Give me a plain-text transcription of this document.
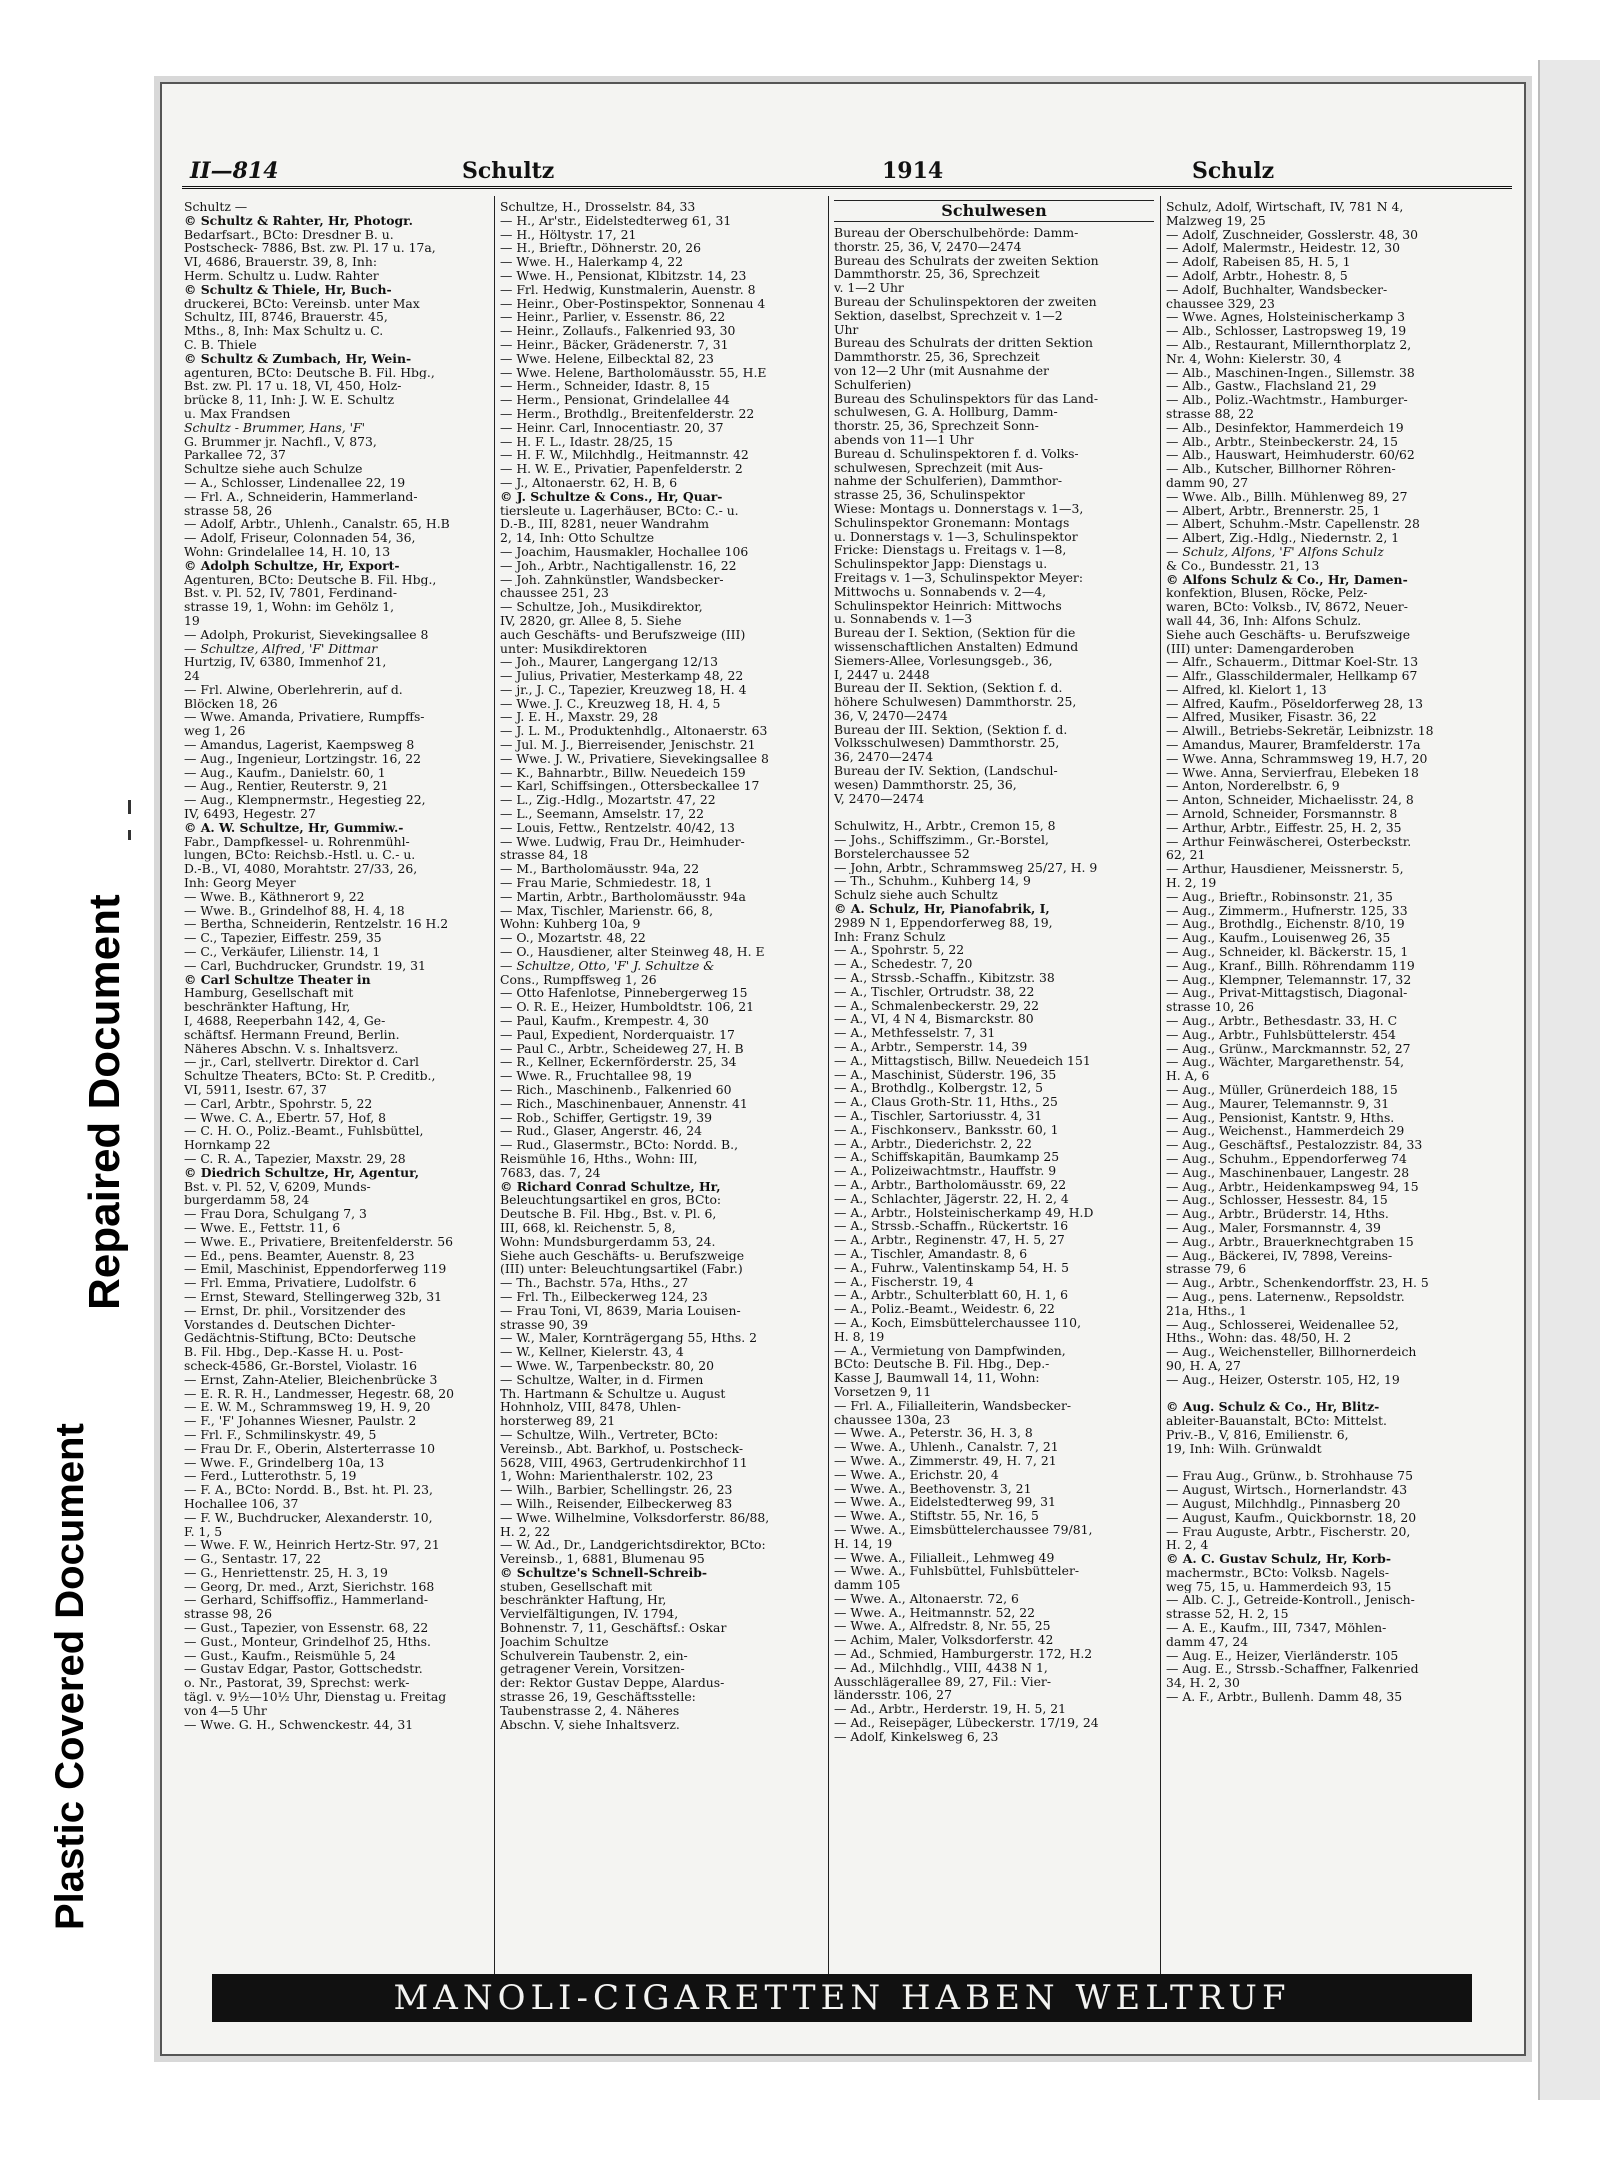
Plastic Covered Document
Repaired Document
II—814	Schultz	1914	Schulz
Schultz —
© Schultz & Rahter, Hr, Photogr.
Bedarfsart., BCto: Dresdner B. u.
Postscheck- 7886, Bst. zw. Pl. 17 u. 17a,
VI, 4686, Brauerstr. 39, 8, Inh:
Herm. Schultz u. Ludw. Rahter
© Schultz & Thiele, Hr, Buch-
druckerei, BCto: Vereinsb. unter Max
Schultz, III, 8746, Brauerstr. 45,
Mths., 8, Inh: Max Schultz u. C.
C. B. Thiele
© Schultz & Zumbach, Hr, Wein-
agenturen, BCto: Deutsche B. Fil. Hbg.,
Bst. zw. Pl. 17 u. 18, VI, 450, Holz-
brücke 8, 11, Inh: J. W. E. Schultz
u. Max Frandsen
Schultz - Brummer, Hans, 'F'
G. Brummer jr. Nachfl., V, 873,
Parkallee 72, 37
Schultze siehe auch Schulze
— A., Schlosser, Lindenallee 22, 19
— Frl. A., Schneiderin, Hammerland-
strasse 58, 26
— Adolf, Arbtr., Uhlenh., Canalstr. 65, H.B
— Adolf, Friseur, Colonnaden 54, 36,
Wohn: Grindelallee 14, H. 10, 13
© Adolph Schultze, Hr, Export-
Agenturen, BCto: Deutsche B. Fil. Hbg.,
Bst. v. Pl. 52, IV, 7801, Ferdinand-
strasse 19, 1, Wohn: im Gehölz 1,
19
— Adolph, Prokurist, Sievekingsallee 8
— Schultze, Alfred, 'F' Dittmar
Hurtzig, IV, 6380, Immenhof 21,
24
— Frl. Alwine, Oberlehrerin, auf d.
Blöcken 18, 26
— Wwe. Amanda, Privatiere, Rumpffs-
weg 1, 26
— Amandus, Lagerist, Kaempsweg 8
— Aug., Ingenieur, Lortzingstr. 16, 22
— Aug., Kaufm., Danielstr. 60, 1
— Aug., Rentier, Reuterstr. 9, 21
— Aug., Klempnermstr., Hegestieg 22,
IV, 6493, Hegestr. 27
© A. W. Schultze, Hr, Gummiw.-
Fabr., Dampfkessel- u. Rohrenmühl-
lungen, BCto: Reichsb.-Hstl. u. C.- u.
D.-B., VI, 4080, Morahtstr. 27/33, 26,
Inh: Georg Meyer
— Wwe. B., Käthnerort 9, 22
— Wwe. B., Grindelhof 88, H. 4, 18
— Bertha, Schneiderin, Rentzelstr. 16 H.2
— C., Tapezier, Eiffestr. 259, 35
— C., Verkäufer, Lilienstr. 14, 1
— Carl, Buchdrucker, Grundstr. 19, 31
© Carl Schultze Theater in
Hamburg, Gesellschaft mit
beschränkter Haftung, Hr,
I, 4688, Reeperbahn 142, 4, Ge-
schäftsf. Hermann Freund, Berlin.
Näheres Abschn. V. s. Inhaltsverz.
— jr., Carl, stellvertr. Direktor d. Carl
Schultze Theaters, BCto: St. P. Creditb.,
VI, 5911, Isestr. 67, 37
— Carl, Arbtr., Spohrstr. 5, 22
— Wwe. C. A., Ebertr. 57, Hof, 8
— C. H. O., Poliz.-Beamt., Fuhlsbüttel,
Hornkamp 22
— C. R. A., Tapezier, Maxstr. 29, 28
© Diedrich Schultze, Hr, Agentur,
Bst. v. Pl. 52, V, 6209, Munds-
burgerdamm 58, 24
— Frau Dora, Schulgang 7, 3
— Wwe. E., Fettstr. 11, 6
— Wwe. E., Privatiere, Breitenfelderstr. 56
— Ed., pens. Beamter, Auenstr. 8, 23
— Emil, Maschinist, Eppendorferweg 119
— Frl. Emma, Privatiere, Ludolfstr. 6
— Ernst, Steward, Stellingerweg 32b, 31
— Ernst, Dr. phil., Vorsitzender des
Vorstandes d. Deutschen Dichter-
Gedächtnis-Stiftung, BCto: Deutsche
B. Fil. Hbg., Dep.-Kasse H. u. Post-
scheck-4586, Gr.-Borstel, Violastr. 16
— Ernst, Zahn-Atelier, Bleichenbrücke 3
— E. R. R. H., Landmesser, Hegestr. 68, 20
— E. W. M., Schrammsweg 19, H. 9, 20
— F., 'F' Johannes Wiesner, Paulstr. 2
— Frl. F., Schmilinskystr. 49, 5
— Frau Dr. F., Oberin, Alsterterrasse 10
— Wwe. F., Grindelberg 10a, 13
— Ferd., Lutterothstr. 5, 19
— F. A., BCto: Nordd. B., Bst. ht. Pl. 23,
Hochallee 106, 37
— F. W., Buchdrucker, Alexanderstr. 10,
F. 1, 5
— Wwe. F. W., Heinrich Hertz-Str. 97, 21
— G., Sentastr. 17, 22
— G., Henriettenstr. 25, H. 3, 19
— Georg, Dr. med., Arzt, Sierichstr. 168
— Gerhard, Schiffsoffiz., Hammerland-
strasse 98, 26
— Gust., Tapezier, von Essenstr. 68, 22
— Gust., Monteur, Grindelhof 25, Hths.
— Gust., Kaufm., Reismühle 5, 24
— Gustav Edgar, Pastor, Gottschedstr.
o. Nr., Pastorat, 39, Sprechst: werk-
tägl. v. 9½—10½ Uhr, Dienstag u. Freitag
von 4—5 Uhr
— Wwe. G. H., Schwenckestr. 44, 31
Schultze, H., Drosselstr. 84, 33
— H., Ar'str., Eidelstedterweg 61, 31
— H., Höltystr. 17, 21
— H., Brieftr., Döhnerstr. 20, 26
— Wwe. H., Halerkamp 4, 22
— Wwe. H., Pensionat, Klbitzstr. 14, 23
— Frl. Hedwig, Kunstmalerin, Auenstr. 8
— Heinr., Ober-Postinspektor, Sonnenau 4
— Heinr., Parlier, v. Essenstr. 86, 22
— Heinr., Zollaufs., Falkenried 93, 30
— Heinr., Bäcker, Grädenerstr. 7, 31
— Wwe. Helene, Eilbecktal 82, 23
— Wwe. Helene, Bartholomäusstr. 55, H.E
— Herm., Schneider, Idastr. 8, 15
— Herm., Pensionat, Grindelallee 44
— Herm., Brothdlg., Breitenfelderstr. 22
— Heinr. Carl, Innocentiastr. 20, 37
— H. F. L., Idastr. 28/25, 15
— H. F. W., Milchhdlg., Heitmannstr. 42
— H. W. E., Privatier, Papenfelderstr. 2
— J., Altonaerstr. 62, H. B, 6
© J. Schultze & Cons., Hr, Quar-
tiersleute u. Lagerhäuser, BCto: C.- u.
D.-B., III, 8281, neuer Wandrahm
2, 14, Inh: Otto Schultze
— Joachim, Hausmakler, Hochallee 106
— Joh., Arbtr., Nachtigallenstr. 16, 22
— Joh. Zahnkünstler, Wandsbecker-
chaussee 251, 23
— Schultze, Joh., Musikdirektor,
IV, 2820, gr. Allee 8, 5. Siehe
auch Geschäfts- und Berufszweige (III)
unter: Musikdirektoren
— Joh., Maurer, Langergang 12/13
— Julius, Privatier, Mesterkamp 48, 22
— jr., J. C., Tapezier, Kreuzweg 18, H. 4
— Wwe. J. C., Kreuzweg 18, H. 4, 5
— J. E. H., Maxstr. 29, 28
— J. L. M., Produktenhdlg., Altonaerstr. 63
— Jul. M. J., Bierreisender, Jenischstr. 21
— Wwe. J. W., Privatiere, Sievekingsallee 8
— K., Bahnarbtr., Billw. Neuedeich 159
— Karl, Schiffsingen., Ottersbeckallee 17
— L., Zig.-Hdlg., Mozartstr. 47, 22
— L., Seemann, Amselstr. 17, 22
— Louis, Fettw., Rentzelstr. 40/42, 13
— Wwe. Ludwig, Frau Dr., Heimhuder-
strasse 84, 18
— M., Bartholomäusstr. 94a, 22
— Frau Marie, Schmiedestr. 18, 1
— Martin, Arbtr., Bartholomäusstr. 94a
— Max, Tischler, Marienstr. 66, 8,
Wohn: Kuhberg 10a, 9
— O., Mozartstr. 48, 22
— O., Hausdiener, alter Steinweg 48, H. E
— Schultze, Otto, 'F' J. Schultze &
Cons., Rumpffsweg 1, 26
— Otto Hafenlotse, Pinnebergerweg 15
— O. R. E., Heizer, Humboldtstr. 106, 21
— Paul, Kaufm., Krempestr. 4, 30
— Paul, Expedient, Norderquaistr. 17
— Paul C., Arbtr., Scheideweg 27, H. B
— R., Kellner, Eckernförderstr. 25, 34
— Wwe. R., Fruchtallee 98, 19
— Rich., Maschinenb., Falkenried 60
— Rich., Maschinenbauer, Annenstr. 41
— Rob., Schiffer, Gertigstr. 19, 39
— Rud., Glaser, Angerstr. 46, 24
— Rud., Glasermstr., BCto: Nordd. B.,
Reismühle 16, Hths., Wohn: III,
7683, das. 7, 24
© Richard Conrad Schultze, Hr,
Beleuchtungsartikel en gros, BCto:
Deutsche B. Fil. Hbg., Bst. v. Pl. 6,
III, 668, kl. Reichenstr. 5, 8,
Wohn: Mundsburgerdamm 53, 24.
Siehe auch Geschäfts- u. Berufszweige
(III) unter: Beleuchtungsartikel (Fabr.)
— Th., Bachstr. 57a, Hths., 27
— Frl. Th., Eilbeckerweg 124, 23
— Frau Toni, VI, 8639, Maria Louisen-
strasse 90, 39
— W., Maler, Kornträgergang 55, Hths. 2
— W., Kellner, Kielerstr. 43, 4
— Wwe. W., Tarpenbeckstr. 80, 20
— Schultze, Walter, in d. Firmen
Th. Hartmann & Schultze u. August
Hohnholz, VIII, 8478, Uhlen-
horsterweg 89, 21
— Schultze, Wilh., Vertreter, BCto:
Vereinsb., Abt. Barkhof, u. Postscheck-
5628, VIII, 4963, Gertrudenkirchhof 11
1, Wohn: Marienthalerstr. 102, 23
— Wilh., Barbier, Schellingstr. 26, 23
— Wilh., Reisender, Eilbeckerweg 83
— Wwe. Wilhelmine, Volksdorferstr. 86/88,
H. 2, 22
— W. Ad., Dr., Landgerichtsdirektor, BCto:
Vereinsb., 1, 6881, Blumenau 95
© Schultze's Schnell-Schreib-
stuben, Gesellschaft mit
beschränkter Haftung, Hr,
Vervielfältigungen, IV. 1794,
Bohnenstr. 7, 11, Geschäftsf.: Oskar
Joachim Schultze
Schulverein Taubenstr. 2, ein-
getragener Verein, Vorsitzen-
der: Rektor Gustav Deppe, Alardus-
strasse 26, 19, Geschäftsstelle:
Taubenstrasse 2, 4. Näheres
Abschn. V, siehe Inhaltsverz.
Schulwesen
Bureau der Oberschulbehörde: Damm-
thorstr. 25, 36, V, 2470—2474
Bureau des Schulrats der zweiten Sektion
Dammthorstr. 25, 36, Sprechzeit
v. 1—2 Uhr
Bureau der Schulinspektoren der zweiten
Sektion, daselbst, Sprechzeit v. 1—2
Uhr
Bureau des Schulrats der dritten Sektion
Dammthorstr. 25, 36, Sprechzeit
von 12—2 Uhr (mit Ausnahme der
Schulferien)
Bureau des Schulinspektors für das Land-
schulwesen, G. A. Hollburg, Damm-
thorstr. 25, 36, Sprechzeit Sonn-
abends von 11—1 Uhr
Bureau d. Schulinspektoren f. d. Volks-
schulwesen, Sprechzeit (mit Aus-
nahme der Schulferien), Dammthor-
strasse 25, 36, Schulinspektor
Wiese: Montags u. Donnerstags v. 1—3,
Schulinspektor Gronemann: Montags
u. Donnerstags v. 1—3, Schulinspektor
Fricke: Dienstags u. Freitags v. 1—8,
Schulinspektor Japp: Dienstags u.
Freitags v. 1—3, Schulinspektor Meyer:
Mittwochs u. Sonnabends v. 2—4,
Schulinspektor Heinrich: Mittwochs
u. Sonnabends v. 1—3
Bureau der I. Sektion, (Sektion für die
wissenschaftlichen Anstalten) Edmund
Siemers-Allee, Vorlesungsgeb., 36,
I, 2447 u. 2448
Bureau der II. Sektion, (Sektion f. d.
höhere Schulwesen) Dammthorstr. 25,
36, V, 2470—2474
Bureau der III. Sektion, (Sektion f. d.
Volksschulwesen) Dammthorstr. 25,
36, 2470—2474
Bureau der IV. Sektion, (Landschul-
wesen) Dammthorstr. 25, 36,
V, 2470—2474

Schulwitz, H., Arbtr., Cremon 15, 8
— Johs., Schiffszimm., Gr.-Borstel,
Borstelerchaussee 52
— John, Arbtr., Schrammsweg 25/27, H. 9
— Th., Schuhm., Kuhberg 14, 9
Schulz siehe auch Schultz
© A. Schulz, Hr, Pianofabrik, I,
2989 N 1, Eppendorferweg 88, 19,
Inh: Franz Schulz
— A., Spohrstr. 5, 22
— A., Schedestr. 7, 20
— A., Strssb.-Schaffn., Kibitzstr. 38
— A., Tischler, Ortrudstr. 38, 22
— A., Schmalenbeckerstr. 29, 22
— A., VI, 4 N 4, Bismarckstr. 80
— A., Methfesselstr. 7, 31
— A., Arbtr., Semperstr. 14, 39
— A., Mittagstisch, Billw. Neuedeich 151
— A., Maschinist, Süderstr. 196, 35
— A., Brothdlg., Kolbergstr. 12, 5
— A., Claus Groth-Str. 11, Hths., 25
— A., Tischler, Sartoriusstr. 4, 31
— A., Fischkonserv., Banksstr. 60, 1
— A., Arbtr., Diederichstr. 2, 22
— A., Schiffskapitän, Baumkamp 25
— A., Polizeiwachtmstr., Hauffstr. 9
— A., Arbtr., Bartholomäusstr. 69, 22
— A., Schlachter, Jägerstr. 22, H. 2, 4
— A., Arbtr., Holsteinischerkamp 49, H.D
— A., Strssb.-Schaffn., Rückertstr. 16
— A., Arbtr., Reginenstr. 47, H. 5, 27
— A., Tischler, Amandastr. 8, 6
— A., Fuhrw., Valentinskamp 54, H. 5
— A., Fischerstr. 19, 4
— A., Arbtr., Schulterblatt 60, H. 1, 6
— A., Poliz.-Beamt., Weidestr. 6, 22
— A., Koch, Eimsbüttelerchaussee 110,
H. 8, 19
— A., Vermietung von Dampfwinden,
BCto: Deutsche B. Fil. Hbg., Dep.-
Kasse J, Baumwall 14, 11, Wohn:
Vorsetzen 9, 11
— Frl. A., Filialleiterin, Wandsbecker-
chaussee 130a, 23
— Wwe. A., Peterstr. 36, H. 3, 8
— Wwe. A., Uhlenh., Canalstr. 7, 21
— Wwe. A., Zimmerstr. 49, H. 7, 21
— Wwe. A., Erichstr. 20, 4
— Wwe. A., Beethovenstr. 3, 21
— Wwe. A., Eidelstedterweg 99, 31
— Wwe. A., Stiftstr. 55, Nr. 16, 5
— Wwe. A., Eimsbüttelerchaussee 79/81,
H. 14, 19
— Wwe. A., Filialleit., Lehmweg 49
— Wwe. A., Fuhlsbüttel, Fuhlsbütteler-
damm 105
— Wwe. A., Altonaerstr. 72, 6
— Wwe. A., Heitmannstr. 52, 22
— Wwe. A., Alfredstr. 8, Nr. 55, 25
— Achim, Maler, Volksdorferstr. 42
— Ad., Schmied, Hamburgerstr. 172, H.2
— Ad., Milchhdlg., VIII, 4438 N 1,
Ausschlägerallee 89, 27, Fil.: Vier-
ländersstr. 106, 27
— Ad., Arbtr., Herderstr. 19, H. 5, 21
— Ad., Reisepäger, Lübeckerstr. 17/19, 24
— Adolf, Kinkelsweg 6, 23
Schulz, Adolf, Wirtschaft, IV, 781 N 4,
Malzweg 19, 25
— Adolf, Zuschneider, Gosslerstr. 48, 30
— Adolf, Malermstr., Heidestr. 12, 30
— Adolf, Rabeisen 85, H. 5, 1
— Adolf, Arbtr., Hohestr. 8, 5
— Adolf, Buchhalter, Wandsbecker-
chaussee 329, 23
— Wwe. Agnes, Holsteinischerkamp 3
— Alb., Schlosser, Lastropsweg 19, 19
— Alb., Restaurant, Millernthorplatz 2,
Nr. 4, Wohn: Kielerstr. 30, 4
— Alb., Maschinen-Ingen., Sillemstr. 38
— Alb., Gastw., Flachsland 21, 29
— Alb., Poliz.-Wachtmstr., Hamburger-
strasse 88, 22
— Alb., Desinfektor, Hammerdeich 19
— Alb., Arbtr., Steinbeckerstr. 24, 15
— Alb., Hauswart, Heimhuderstr. 60/62
— Alb., Kutscher, Billhorner Röhren-
damm 90, 27
— Wwe. Alb., Billh. Mühlenweg 89, 27
— Albert, Arbtr., Brennerstr. 25, 1
— Albert, Schuhm.-Mstr. Capellenstr. 28
— Albert, Zig.-Hdlg., Niedernstr. 2, 1
— Schulz, Alfons, 'F' Alfons Schulz
& Co., Bundesstr. 21, 13
© Alfons Schulz & Co., Hr, Damen-
konfektion, Blusen, Röcke, Pelz-
waren, BCto: Volksb., IV, 8672, Neuer-
wall 44, 36, Inh: Alfons Schulz.
Siehe auch Geschäfts- u. Berufszweige
(III) unter: Damengarderoben
— Alfr., Schauerm., Dittmar Koel-Str. 13
— Alfr., Glasschildermaler, Hellkamp 67
— Alfred, kl. Kielort 1, 13
— Alfred, Kaufm., Pöseldorferweg 28, 13
— Alfred, Musiker, Fisastr. 36, 22
— Alwill., Betriebs-Sekretär, Leibnizstr. 18
— Amandus, Maurer, Bramfelderstr. 17a
— Wwe. Anna, Schrammsweg 19, H.7, 20
— Wwe. Anna, Servierfrau, Elebeken 18
— Anton, Norderelbstr. 6, 9
— Anton, Schneider, Michaelisstr. 24, 8
— Arnold, Schneider, Forsmannstr. 8
— Arthur, Arbtr., Eiffestr. 25, H. 2, 35
— Arthur Feinwäscherei, Osterbeckstr.
62, 21
— Arthur, Hausdiener, Meissnerstr. 5,
H. 2, 19
— Aug., Brieftr., Robinsonstr. 21, 35
— Aug., Zimmerm., Hufnerstr. 125, 33
— Aug., Brothdlg., Eichenstr. 8/10, 19
— Aug., Kaufm., Louisenweg 26, 35
— Aug., Schneider, kl. Bäckerstr. 15, 1
— Aug., Kranf., Billh. Röhrendamm 119
— Aug., Klempner, Telemannstr. 17, 32
— Aug., Privat-Mittagstisch, Diagonal-
strasse 10, 26
— Aug., Arbtr., Bethesdastr. 33, H. C
— Aug., Arbtr., Fuhlsbüttelerstr. 454
— Aug., Grünw., Marckmannstr. 52, 27
— Aug., Wächter, Margarethenstr. 54,
H. A, 6
— Aug., Müller, Grünerdeich 188, 15
— Aug., Maurer, Telemannstr. 9, 31
— Aug., Pensionist, Kantstr. 9, Hths.
— Aug., Weichenst., Hammerdeich 29
— Aug., Geschäftsf., Pestalozzistr. 84, 33
— Aug., Schuhm., Eppendorferweg 74
— Aug., Maschinenbauer, Langestr. 28
— Aug., Arbtr., Heidenkampsweg 94, 15
— Aug., Schlosser, Hessestr. 84, 15
— Aug., Arbtr., Brüderstr. 14, Hths.
— Aug., Maler, Forsmannstr. 4, 39
— Aug., Arbtr., Brauerknechtgraben 15
— Aug., Bäckerei, IV, 7898, Vereins-
strasse 79, 6
— Aug., Arbtr., Schenkendorffstr. 23, H. 5
— Aug., pens. Laternenw., Repsoldstr.
21a, Hths., 1
— Aug., Schlosserei, Weidenallee 52,
Hths., Wohn: das. 48/50, H. 2
— Aug., Weichensteller, Billhornerdeich
90, H. A, 27
— Aug., Heizer, Osterstr. 105, H2, 19

© Aug. Schulz & Co., Hr, Blitz-
ableiter-Bauanstalt, BCto: Mittelst.
Priv.-B., V, 816, Emilienstr. 6,
19, Inh: Wilh. Grünwaldt

— Frau Aug., Grünw., b. Strohhause 75
— August, Wirtsch., Hornerlandstr. 43
— August, Milchhdlg., Pinnasberg 20
— August, Kaufm., Quickbornstr. 18, 20
— Frau Auguste, Arbtr., Fischerstr. 20,
H. 2, 4
© A. C. Gustav Schulz, Hr, Korb-
machermstr., BCto: Volksb. Nagels-
weg 75, 15, u. Hammerdeich 93, 15
— Alb. C. J., Getreide-Kontroll., Jenisch-
strasse 52, H. 2, 15
— A. E., Kaufm., III, 7347, Möhlen-
damm 47, 24
— Aug. E., Heizer, Vierländerstr. 105
— Aug. E., Strssb.-Schaffner, Falkenried
34, H. 2, 30
— A. F., Arbtr., Bullenh. Damm 48, 35
MANOLI-CIGARETTEN HABEN WELTRUF
